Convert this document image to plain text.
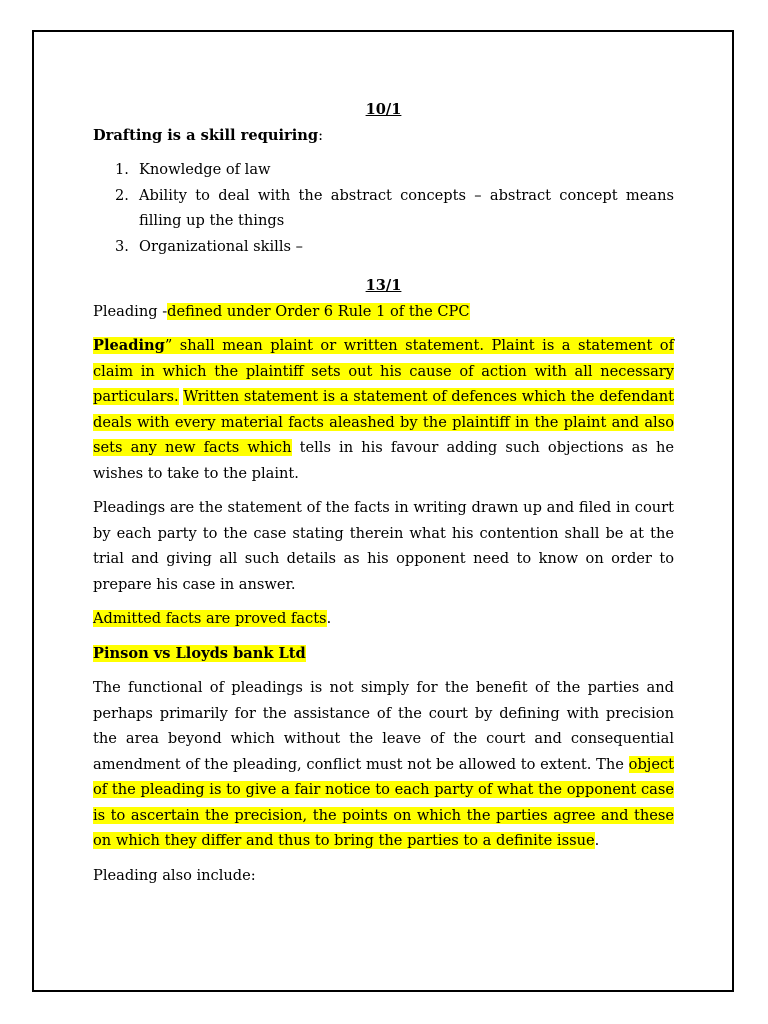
10/1

Drafting is a skill requiring:

1. Knowledge of law
2. Ability to deal with the abstract concepts – abstract concept means filling up the things
3. Organizational skills –

13/1

Pleading -defined under Order 6 Rule 1 of the CPC

Pleading” shall mean plaint or written statement. Plaint is a statement of claim in which the plaintiff sets out his cause of action with all necessary particulars. Written statement is a statement of defences which the defendant deals with every material facts aleashed by the plaintiff in the plaint and also sets any new facts which tells in his favour adding such objections as he wishes to take to the plaint.

Pleadings are the statement of the facts in writing drawn up and filed in court by each party to the case stating therein what his contention shall be at the trial and giving all such details as his opponent need to know on order to prepare his case in answer.

Admitted facts are proved facts.

Pinson vs Lloyds bank Ltd

The functional of pleadings is not simply for the benefit of the parties and perhaps primarily for the assistance of the court by defining with precision the area beyond which without the leave of the court and consequential amendment of the pleading, conflict must not be allowed to extent. The object of the pleading is to give a fair notice to each party of what the opponent case is to ascertain the precision, the points on which the parties agree and these on which they differ and thus to bring the parties to a definite issue.

Pleading also include:
